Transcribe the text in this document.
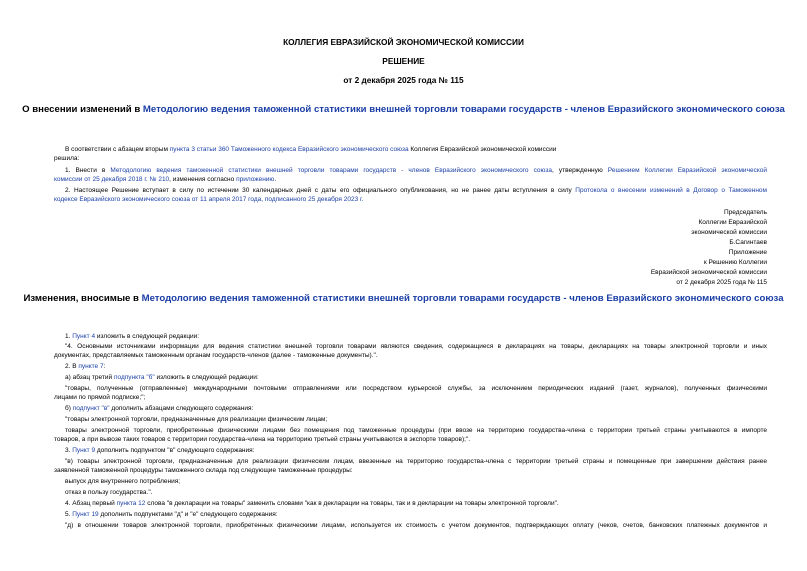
КОЛЛЕГИЯ ЕВРАЗИЙСКОЙ ЭКОНОМИЧЕСКОЙ КОМИССИИ
РЕШЕНИЕ
от 2 декабря 2025 года № 115
О внесении изменений в Методологию ведения таможенной статистики внешней торговли товарами государств - членов Евразийского экономического союза
В соответствии с абзацем вторым пункта 3 статьи 360 Таможенного кодекса Евразийского экономического союза Коллегия Евразийской экономической комиссии
решила:
1. Внести в Методологию ведения таможенной статистики внешней торговли товарами государств - членов Евразийского экономического союза, утвержденную Решением Коллегии Евразийской экономической
комиссии от 25 декабря 2018 г. № 210, изменения согласно приложению.
2. Настоящее Решение вступает в силу по истечении 30 календарных дней с даты его официального опубликования, но не ранее даты вступления в силу Протокола о внесении изменений в Договор о Таможенном
кодексе Евразийского экономического союза от 11 апреля 2017 года, подписанного 25 декабря 2023 г.
Председатель
Коллегии Евразийской
экономической комиссии
Б.Сагинтаев
Приложение
к Решению Коллегии
Евразийской экономической комиссии
от 2 декабря 2025 года № 115
Изменения, вносимые в Методологию ведения таможенной статистики внешней торговли товарами государств - членов Евразийского экономического союза
1. Пункт 4 изложить в следующей редакции:
"4. Основными источниками информации для ведения статистики внешней торговли товарами являются сведения, содержащиеся в декларациях на товары, декларациях на товары электронной торговли и иных
документах, представляемых таможенным органам государств-членов (далее - таможенные документы).".
2. В пункте 7:
а) абзац третий подпункта "б" изложить в следующей редакции:
"товары, полученные (отправленные) международными почтовыми отправлениями или посредством курьерской службы, за исключением периодических изданий (газет, журналов), полученных физическими
лицами по прямой подписке;";
б) подпункт "в" дополнить абзацами следующего содержания:
"товары электронной торговли, предназначенные для реализации физическим лицам;
товары электронной торговли, приобретенные физическими лицами без помещения под таможенные процедуры (при ввозе на территорию государства-члена с территории третьей страны учитываются в импорте
товаров, а при вывозе таких товаров с территории государства-члена на территорию третьей страны учитываются в экспорте товаров);".
3. Пункт 9 дополнить подпунктом "в" следующего содержания:
"в) товары электронной торговли, предназначенные для реализации физическим лицам, ввезенные на территорию государства-члена с территории третьей страны и помещенные при завершении действия ранее
заявленной таможенной процедуры таможенного склада под следующие таможенные процедуры:
выпуск для внутреннего потребления;
отказ в пользу государства.".
4. Абзац первый пункта 12 слова "в декларации на товары" заменить словами "как в декларации на товары, так и в декларации на товары электронной торговли".
5. Пункт 19 дополнить подпунктами "д" и "е" следующего содержания:
"д) в отношении товаров электронной торговли, приобретенных физическими лицами, используется их стоимость с учетом документов, подтверждающих оплату (чеков, счетов, банковских платежных документов и
